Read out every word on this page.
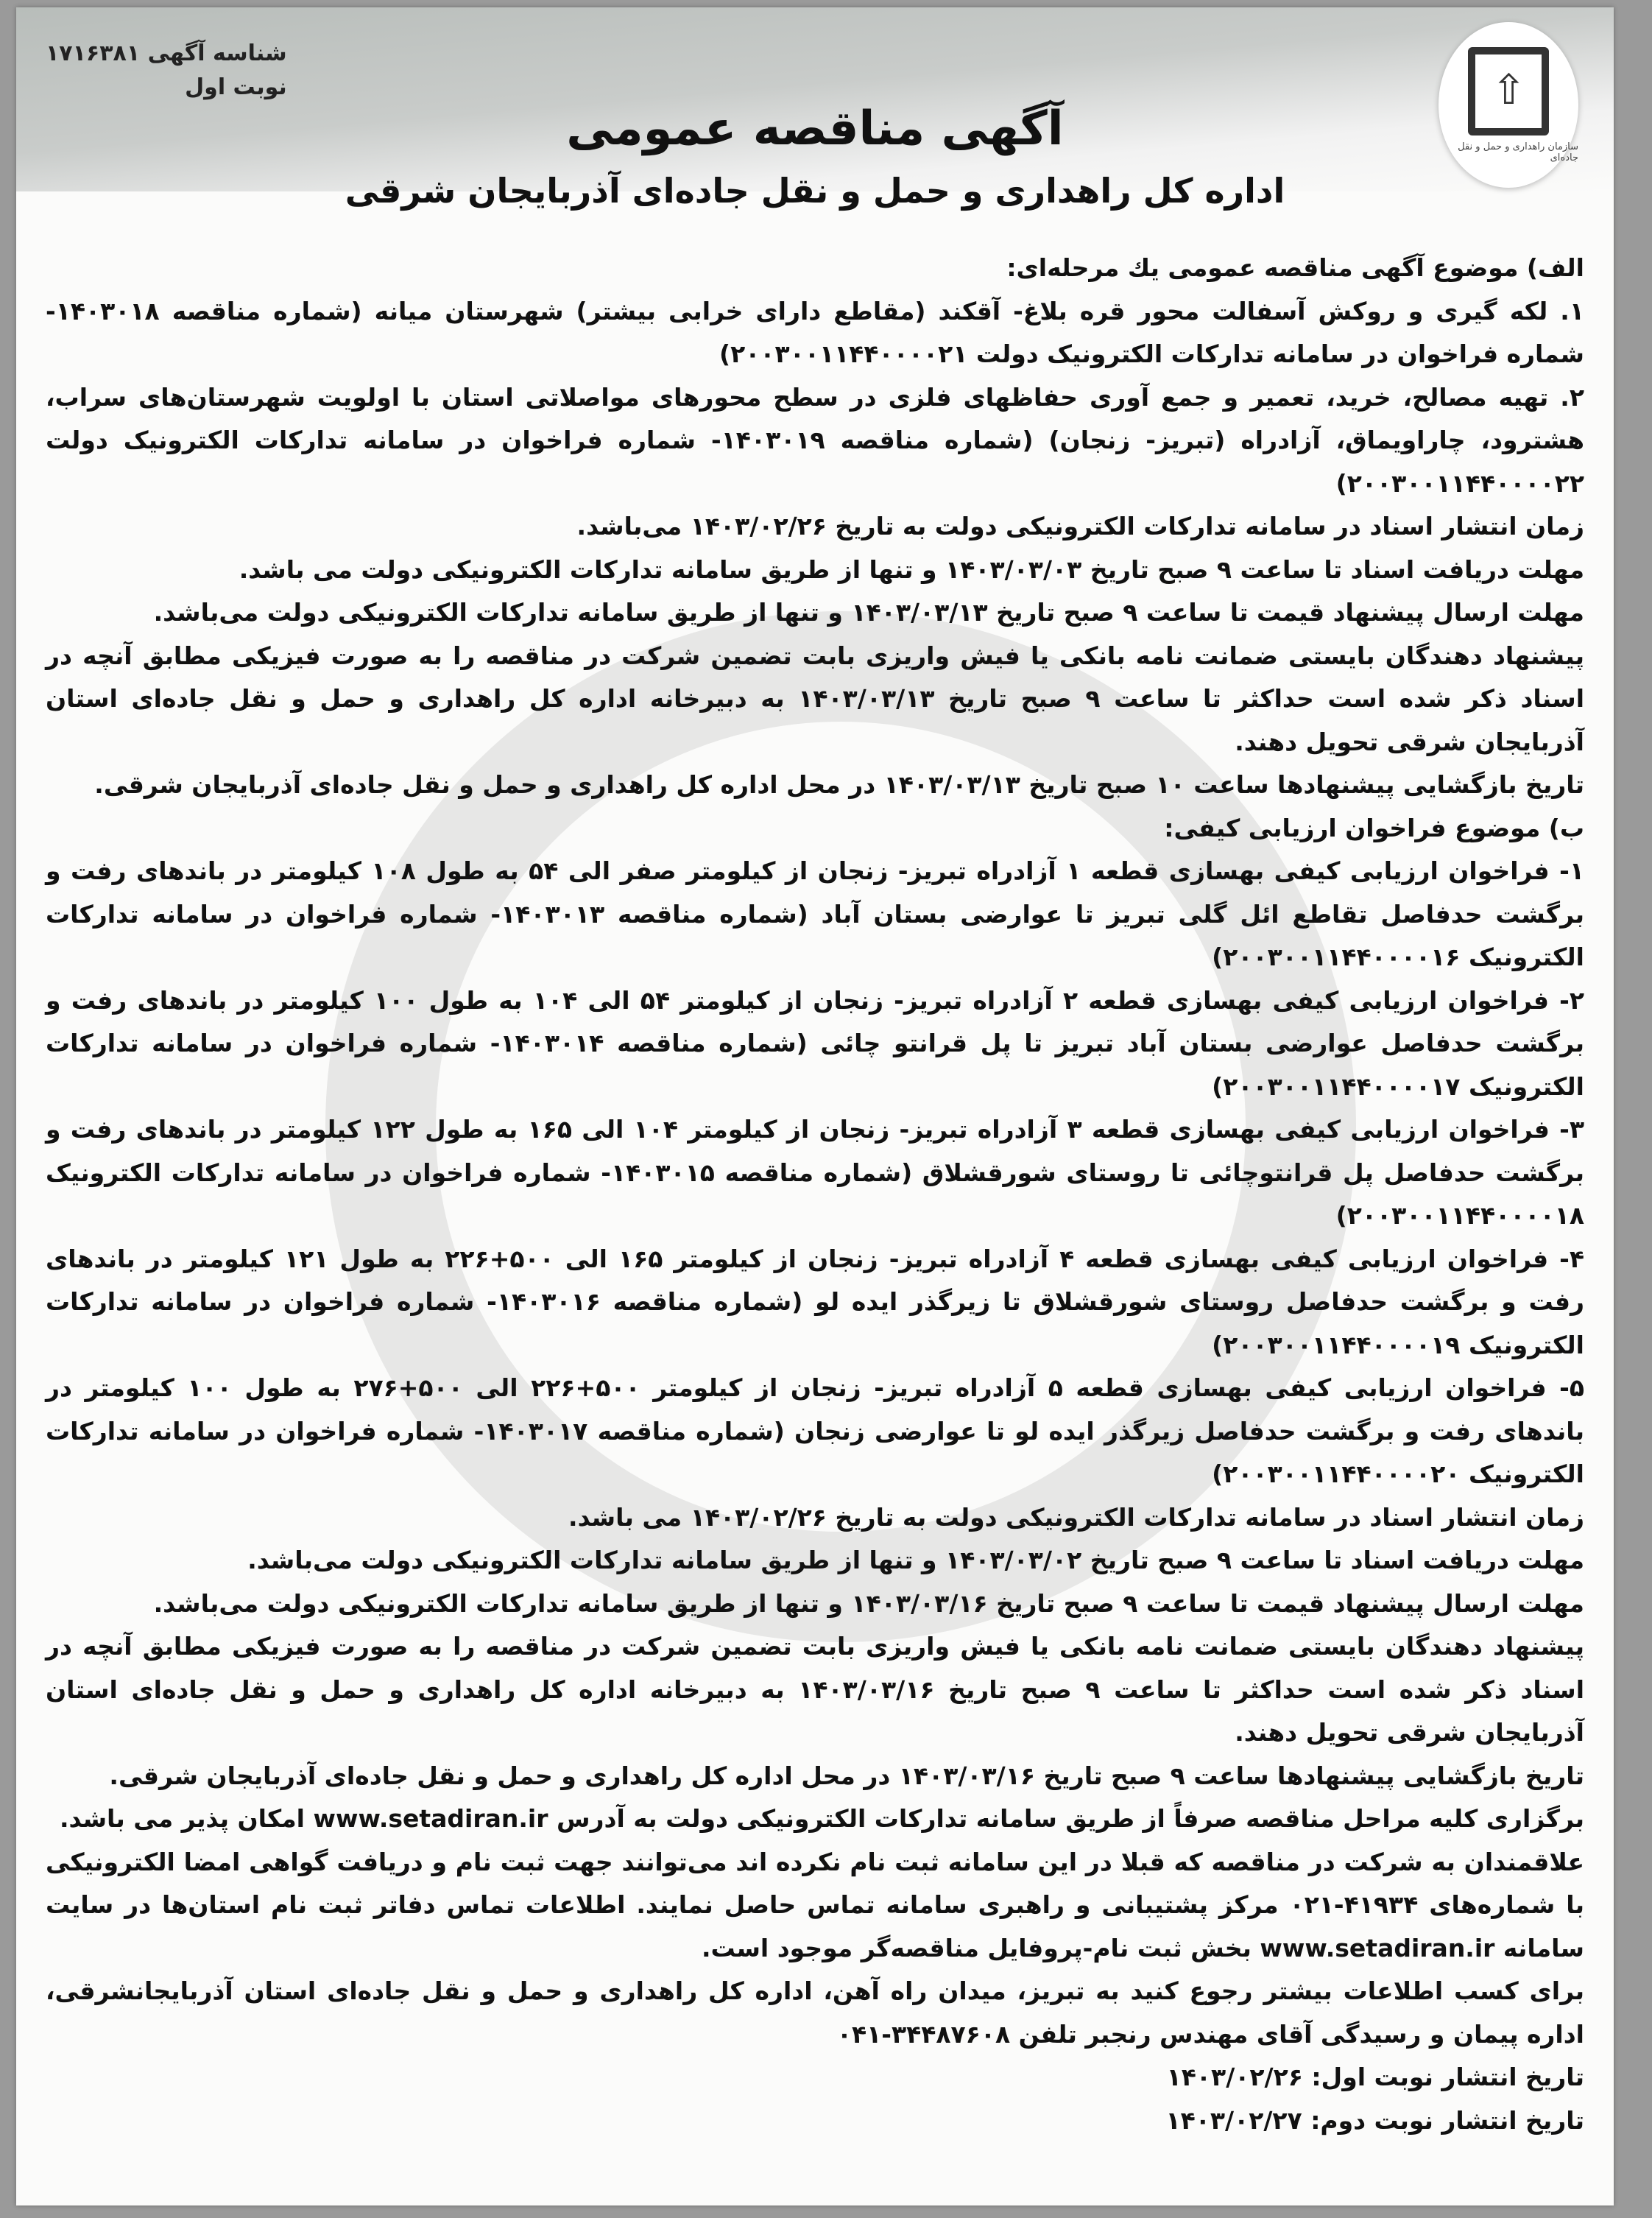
شناسه آگهی ۱۷۱۶۳۸۱
نوبت اول
⇧
سازمان راهداری و حمل و نقل جاده‌ای
آگهی مناقصه عمومی
اداره کل راهداری و حمل و نقل جاده‌ای آذربایجان شرقی

الف) موضوع آگهی مناقصه عمومی یك مرحله‌ای:

۱. لکه گیری و روکش آسفالت محور قره بلاغ- آقکند (مقاطع دارای خرابی بیشتر) شهرستان میانه (شماره مناقصه ۱۴۰۳۰۱۸- شماره فراخوان در سامانه تدارکات الکترونیک دولت ۲۰۰۳۰۰۱۱۴۴۰۰۰۰۲۱)

۲. تهیه مصالح، خرید، تعمیر و جمع آوری حفاظهای فلزی در سطح محورهای مواصلاتی استان با اولویت شهرستان‌های سراب، هشترود، چاراویماق، آزادراه (تبریز- زنجان) (شماره مناقصه ۱۴۰۳۰۱۹- شماره فراخوان در سامانه تدارکات الکترونیک دولت ۲۰۰۳۰۰۱۱۴۴۰۰۰۰۲۲)

زمان انتشار اسناد در سامانه تدارکات الکترونیکی دولت به تاریخ ۱۴۰۳/۰۲/۲۶ می‌باشد.

مهلت دریافت اسناد تا ساعت ۹ صبح تاریخ ۱۴۰۳/۰۳/۰۳ و تنها از طریق سامانه تدارکات الکترونیکی دولت می باشد.

مهلت ارسال پیشنهاد قیمت تا ساعت ۹ صبح تاریخ ۱۴۰۳/۰۳/۱۳ و تنها از طریق سامانه تدارکات الکترونیکی دولت می‌باشد.

پیشنهاد دهندگان بایستی ضمانت نامه بانکی یا فیش واریزی بابت تضمین شرکت در مناقصه را به صورت فیزیکی مطابق آنچه در اسناد ذکر شده است حداکثر تا ساعت ۹ صبح تاریخ ۱۴۰۳/۰۳/۱۳ به دبیرخانه اداره کل راهداری و حمل و نقل جاده‌ای استان آذربایجان شرقی تحویل دهند.

تاریخ بازگشایی پیشنهادها ساعت ۱۰ صبح تاریخ ۱۴۰۳/۰۳/۱۳ در محل اداره کل راهداری و حمل و نقل جاده‌ای آذربایجان شرقی.

ب) موضوع فراخوان ارزیابی کیفی:

۱- فراخوان ارزیابی کیفی بهسازی قطعه ۱ آزادراه تبریز- زنجان از کیلومتر صفر الی ۵۴ به طول ۱۰۸ کیلومتر در باندهای رفت و برگشت حدفاصل تقاطع ائل گلی تبریز تا عوارضی بستان آباد (شماره مناقصه ۱۴۰۳۰۱۳- شماره فراخوان در سامانه تدارکات الکترونیک ۲۰۰۳۰۰۱۱۴۴۰۰۰۰۱۶)

۲- فراخوان ارزیابی کیفی بهسازی قطعه ۲ آزادراه تبریز- زنجان از کیلومتر ۵۴ الی ۱۰۴ به طول ۱۰۰ کیلومتر در باندهای رفت و برگشت حدفاصل عوارضی بستان آباد تبریز تا پل قرانتو چائی (شماره مناقصه ۱۴۰۳۰۱۴- شماره فراخوان در سامانه تدارکات الکترونیک ۲۰۰۳۰۰۱۱۴۴۰۰۰۰۱۷)

۳- فراخوان ارزیابی کیفی بهسازی قطعه ۳ آزادراه تبریز- زنجان از کیلومتر ۱۰۴ الی ۱۶۵ به طول ۱۲۲ کیلومتر در باندهای رفت و برگشت حدفاصل پل قرانتوچائی تا روستای شورقشلاق (شماره مناقصه ۱۴۰۳۰۱۵- شماره فراخوان در سامانه تدارکات الکترونیک ۲۰۰۳۰۰۱۱۴۴۰۰۰۰۱۸)

۴- فراخوان ارزیابی کیفی بهسازی قطعه ۴ آزادراه تبریز- زنجان از کیلومتر ۱۶۵ الی ۵۰۰+۲۲۶ به طول ۱۲۱ کیلومتر در باندهای رفت و برگشت حدفاصل روستای شورقشلاق تا زیرگذر ایده لو (شماره مناقصه ۱۴۰۳۰۱۶- شماره فراخوان در سامانه تدارکات الکترونیک ۲۰۰۳۰۰۱۱۴۴۰۰۰۰۱۹)

۵- فراخوان ارزیابی کیفی بهسازی قطعه ۵ آزادراه تبریز- زنجان از کیلومتر ۵۰۰+۲۲۶ الی ۵۰۰+۲۷۶ به طول ۱۰۰ کیلومتر در باندهای رفت و برگشت حدفاصل زیرگذر ایده لو تا عوارضی زنجان (شماره مناقصه ۱۴۰۳۰۱۷- شماره فراخوان در سامانه تدارکات الکترونیک ۲۰۰۳۰۰۱۱۴۴۰۰۰۰۲۰)

زمان انتشار اسناد در سامانه تدارکات الکترونیکی دولت به تاریخ ۱۴۰۳/۰۲/۲۶ می باشد.

مهلت دریافت اسناد تا ساعت ۹ صبح تاریخ ۱۴۰۳/۰۳/۰۲ و تنها از طریق سامانه تدارکات الکترونیکی دولت می‌باشد.

مهلت ارسال پیشنهاد قیمت تا ساعت ۹ صبح تاریخ ۱۴۰۳/۰۳/۱۶ و تنها از طریق سامانه تدارکات الکترونیکی دولت می‌باشد.

پیشنهاد دهندگان بایستی ضمانت نامه بانکی یا فیش واریزی بابت تضمین شرکت در مناقصه را به صورت فیزیکی مطابق آنچه در اسناد ذکر شده است حداکثر تا ساعت ۹ صبح تاریخ ۱۴۰۳/۰۳/۱۶ به دبیرخانه اداره کل راهداری و حمل و نقل جاده‌ای استان آذربایجان شرقی تحویل دهند.

تاریخ بازگشایی پیشنهادها ساعت ۹ صبح تاریخ ۱۴۰۳/۰۳/۱۶ در محل اداره کل راهداری و حمل و نقل جاده‌ای آذربایجان شرقی.

برگزاری کلیه مراحل مناقصه صرفاً از طریق سامانه تدارکات الکترونیکی دولت به آدرس www.setadiran.ir امکان پذیر می باشد.

علاقمندان به شرکت در مناقصه که قبلا در این سامانه ثبت نام نکرده اند می‌توانند جهت ثبت نام و دریافت گواهی امضا الکترونیکی با شماره‌های ۴۱۹۳۴-۰۲۱ مرکز پشتیبانی و راهبری سامانه تماس حاصل نمایند. اطلاعات تماس دفاتر ثبت نام استان‌ها در سایت سامانه www.setadiran.ir بخش ثبت نام-پروفایل مناقصه‌گر موجود است.

برای کسب اطلاعات بیشتر رجوع کنید به تبریز، میدان راه آهن، اداره کل راهداری و حمل و نقل جاده‌ای استان آذربایجانشرقی، اداره پیمان و رسیدگی آقای مهندس رنجبر تلفن ۳۴۴۸۷۶۰۸-۰۴۱

تاریخ انتشار نوبت اول: ۱۴۰۳/۰۲/۲۶

تاریخ انتشار نوبت دوم: ۱۴۰۳/۰۲/۲۷
